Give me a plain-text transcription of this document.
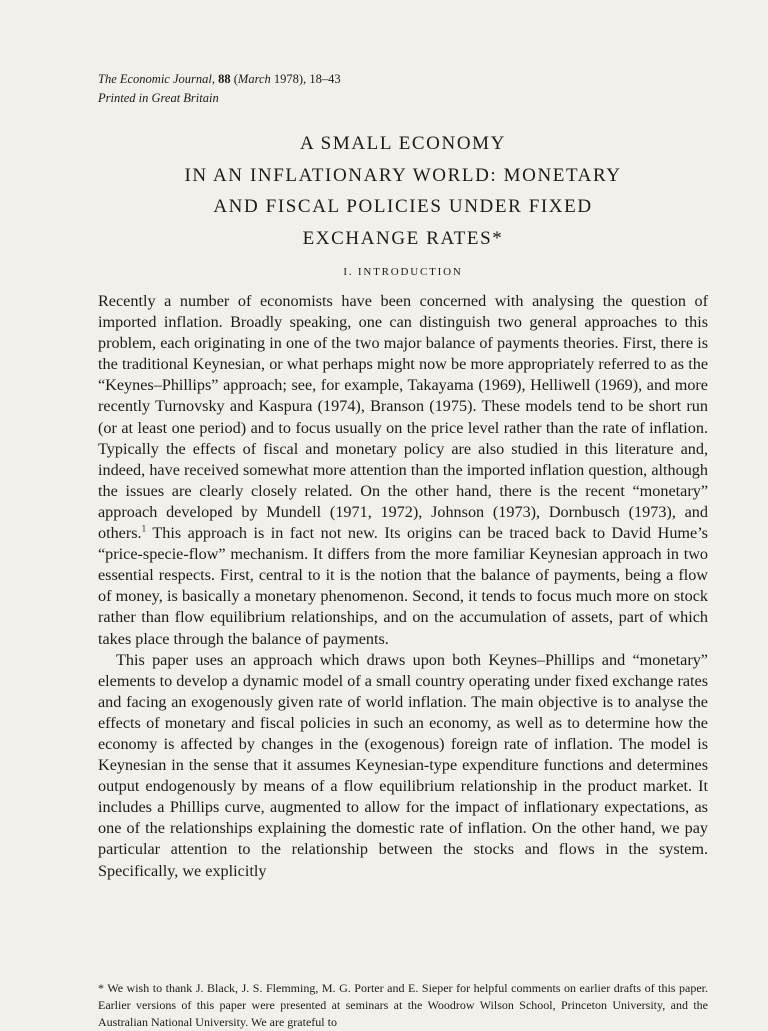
The Economic Journal, 88 (March 1978), 18–43
Printed in Great Britain
A SMALL ECONOMY
IN AN INFLATIONARY WORLD: MONETARY
AND FISCAL POLICIES UNDER FIXED
EXCHANGE RATES*
I. INTRODUCTION

Recently a number of economists have been concerned with analysing the question of imported inflation. Broadly speaking, one can distinguish two general approaches to this problem, each originating in one of the two major balance of payments theories. First, there is the traditional Keynesian, or what perhaps might now be more appropriately referred to as the “Keynes–Phillips” approach; see, for example, Takayama (1969), Helliwell (1969), and more recently Turnovsky and Kaspura (1974), Branson (1975). These models tend to be short run (or at least one period) and to focus usually on the price level rather than the rate of inflation. Typically the effects of fiscal and monetary policy are also studied in this literature and, indeed, have received somewhat more attention than the imported inflation question, although the issues are clearly closely related. On the other hand, there is the recent “monetary” approach developed by Mundell (1971, 1972), Johnson (1973), Dornbusch (1973), and others.$^1$ This approach is in fact not new. Its origins can be traced back to David Hume’s “price-specie-flow” mechanism. It differs from the more familiar Keynesian approach in two essential respects. First, central to it is the notion that the balance of payments, being a flow of money, is basically a monetary phenomenon. Second, it tends to focus much more on stock rather than flow equilibrium relationships, and on the accumulation of assets, part of which takes place through the balance of payments.

This paper uses an approach which draws upon both Keynes–Phillips and “monetary” elements to develop a dynamic model of a small country operating under fixed exchange rates and facing an exogenously given rate of world inflation. The main objective is to analyse the effects of monetary and fiscal policies in such an economy, as well as to determine how the economy is affected by changes in the (exogenous) foreign rate of inflation. The model is Keynesian in the sense that it assumes Keynesian-type expenditure functions and determines output endogenously by means of a flow equilibrium relationship in the product market. It includes a Phillips curve, augmented to allow for the impact of inflationary expectations, as one of the relationships explaining the domestic rate of inflation. On the other hand, we pay particular attention to the relationship between the stocks and flows in the system. Specifically, we explicitly

* We wish to thank J. Black, J. S. Flemming, M. G. Porter and E. Sieper for helpful comments on earlier drafts of this paper. Earlier versions of this paper were presented at seminars at the Woodrow Wilson School, Princeton University, and the Australian National University. We are grateful to
